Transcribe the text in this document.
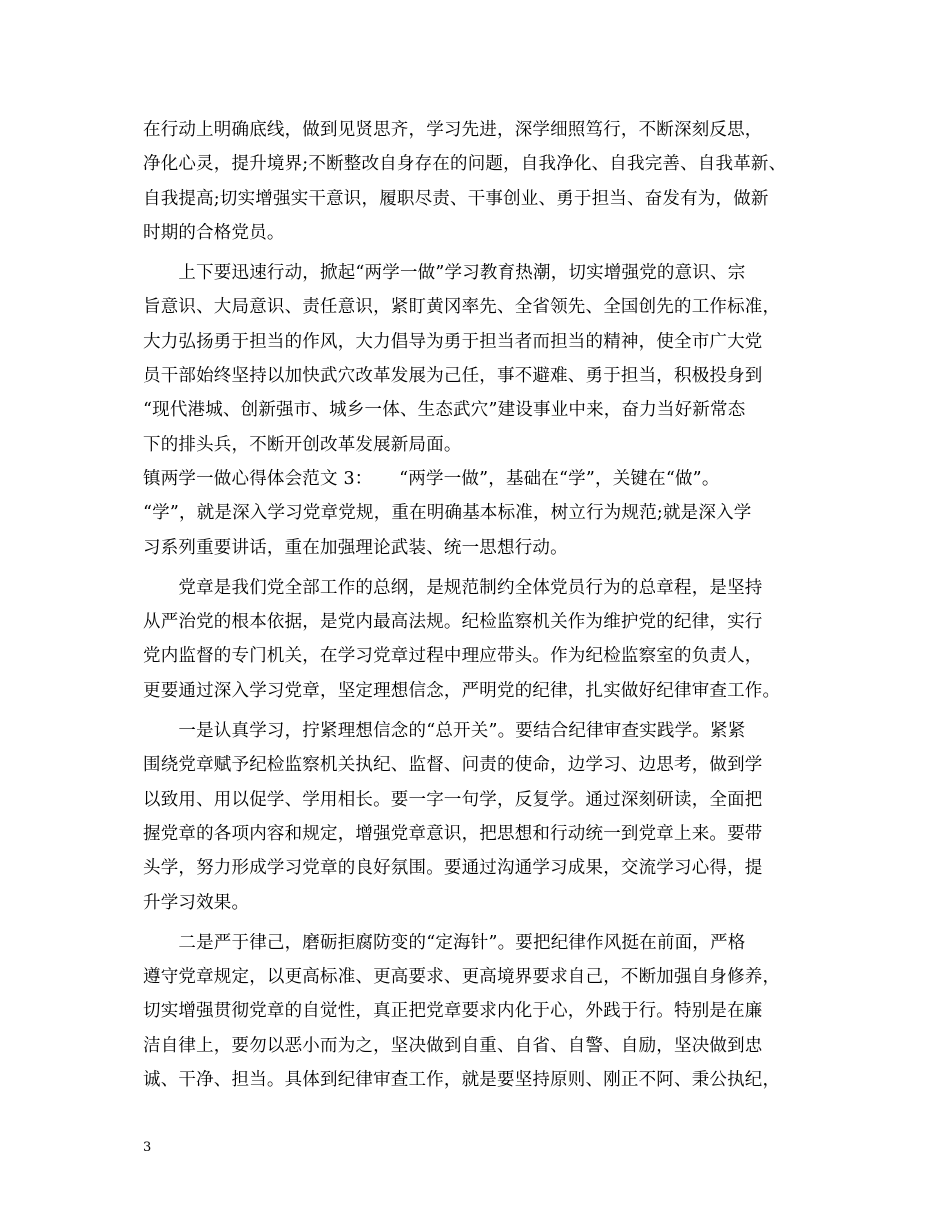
在行动上明确底线，做到见贤思齐，学习先进，深学细照笃行，不断深刻反思，
净化心灵，提升境界;不断整改自身存在的问题，自我净化、自我完善、自我革新、
自我提高;切实增强实干意识，履职尽责、干事创业、勇于担当、奋发有为，做新
时期的合格党员。
　　上下要迅速行动，掀起“两学一做”学习教育热潮，切实增强党的意识、宗
旨意识、大局意识、责任意识，紧盯黄冈率先、全省领先、全国创先的工作标准，
大力弘扬勇于担当的作风，大力倡导为勇于担当者而担当的精神，使全市广大党
员干部始终坚持以加快武穴改革发展为己任，事不避难、勇于担当，积极投身到
“现代港城、创新强市、城乡一体、生态武穴”建设事业中来，奋力当好新常态
下的排头兵，不断开创改革发展新局面。
镇两学一做心得体会范文 3：　　“两学一做”，基础在“学”，关键在“做”。
“学”，就是深入学习党章党规，重在明确基本标准，树立行为规范;就是深入学
习系列重要讲话，重在加强理论武装、统一思想行动。
　　党章是我们党全部工作的总纲，是规范制约全体党员行为的总章程，是坚持
从严治党的根本依据，是党内最高法规。纪检监察机关作为维护党的纪律，实行
党内监督的专门机关，在学习党章过程中理应带头。作为纪检监察室的负责人，
更要通过深入学习党章，坚定理想信念，严明党的纪律，扎实做好纪律审查工作。
　　一是认真学习，拧紧理想信念的“总开关”。要结合纪律审查实践学。紧紧
围绕党章赋予纪检监察机关执纪、监督、问责的使命，边学习、边思考，做到学
以致用、用以促学、学用相长。要一字一句学，反复学。通过深刻研读，全面把
握党章的各项内容和规定，增强党章意识，把思想和行动统一到党章上来。要带
头学，努力形成学习党章的良好氛围。要通过沟通学习成果，交流学习心得，提
升学习效果。
　　二是严于律己，磨砺拒腐防变的“定海针”。要把纪律作风挺在前面，严格
遵守党章规定，以更高标准、更高要求、更高境界要求自己，不断加强自身修养，
切实增强贯彻党章的自觉性，真正把党章要求内化于心，外践于行。特别是在廉
洁自律上，要勿以恶小而为之，坚决做到自重、自省、自警、自励，坚决做到忠
诚、干净、担当。具体到纪律审查工作，就是要坚持原则、刚正不阿、秉公执纪，
3
